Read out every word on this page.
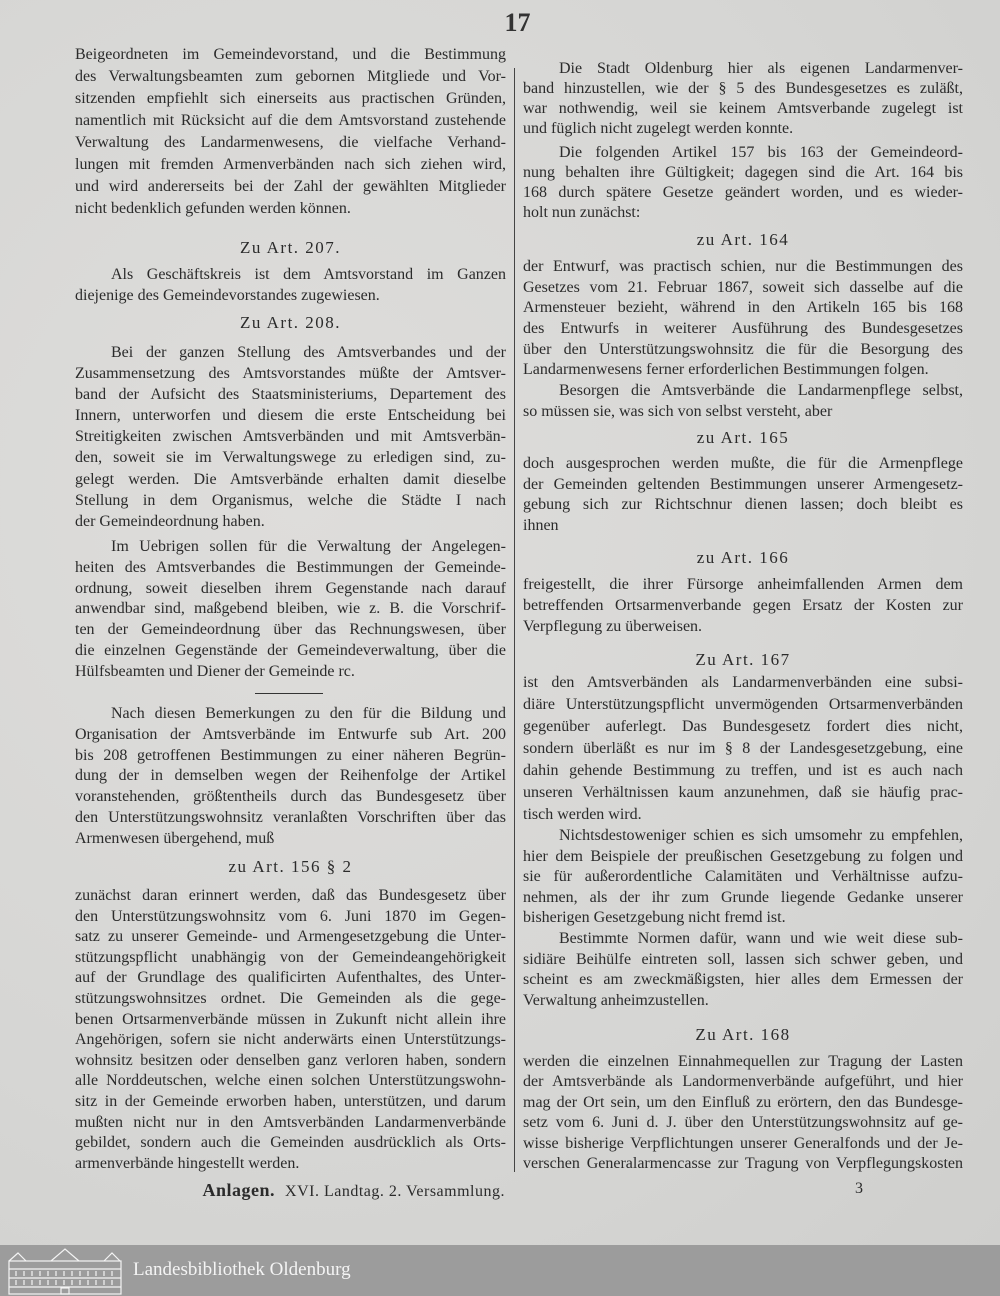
17
Beigeordneten im Gemeindevorstand, und die Bestimmung
des Verwaltungsbeamten zum gebornen Mitgliede und Vor-
sitzenden empfiehlt sich einerseits aus practischen Gründen,
namentlich mit Rücksicht auf die dem Amtsvorstand zustehende
Verwaltung des Landarmenwesens, die vielfache Verhand-
lungen mit fremden Armenverbänden nach sich ziehen wird,
und wird andererseits bei der Zahl der gewählten Mitglieder
nicht bedenklich gefunden werden können.
Zu Art. 207.
Als Geschäftskreis ist dem Amtsvorstand im Ganzen
diejenige des Gemeindevorstandes zugewiesen.
Zu Art. 208.
Bei der ganzen Stellung des Amtsverbandes und der
Zusammensetzung des Amtsvorstandes müßte der Amtsver-
band der Aufsicht des Staatsministeriums, Departement des
Innern, unterworfen und diesem die erste Entscheidung bei
Streitigkeiten zwischen Amtsverbänden und mit Amtsverbän-
den, soweit sie im Verwaltungswege zu erledigen sind, zu-
gelegt werden. Die Amtsverbände erhalten damit dieselbe
Stellung in dem Organismus, welche die Städte I nach
der Gemeindeordnung haben.
Im Uebrigen sollen für die Verwaltung der Angelegen-
heiten des Amtsverbandes die Bestimmungen der Gemeinde-
ordnung, soweit dieselben ihrem Gegenstande nach darauf
anwendbar sind, maßgebend bleiben, wie z. B. die Vorschrif-
ten der Gemeindeordnung über das Rechnungswesen, über
die einzelnen Gegenstände der Gemeindeverwaltung, über die
Hülfsbeamten und Diener der Gemeinde rc.
Nach diesen Bemerkungen zu den für die Bildung und
Organisation der Amtsverbände im Entwurfe sub Art. 200
bis 208 getroffenen Bestimmungen zu einer näheren Begrün-
dung der in demselben wegen der Reihenfolge der Artikel
voranstehenden, größtentheils durch das Bundesgesetz über
den Unterstützungswohnsitz veranlaßten Vorschriften über das
Armenwesen übergehend, muß
zu Art. 156 § 2
zunächst daran erinnert werden, daß das Bundesgesetz über
den Unterstützungswohnsitz vom 6. Juni 1870 im Gegen-
satz zu unserer Gemeinde- und Armengesetzgebung die Unter-
stützungspflicht unabhängig von der Gemeindeangehörigkeit
auf der Grundlage des qualificirten Aufenthaltes, des Unter-
stützungswohnsitzes ordnet. Die Gemeinden als die gege-
benen Ortsarmenverbände müssen in Zukunft nicht allein ihre
Angehörigen, sofern sie nicht anderwärts einen Unterstützungs-
wohnsitz besitzen oder denselben ganz verloren haben, sondern
alle Norddeutschen, welche einen solchen Unterstützungswohn-
sitz in der Gemeinde erworben haben, unterstützen, und darum
mußten nicht nur in den Amtsverbänden Landarmenverbände
gebildet, sondern auch die Gemeinden ausdrücklich als Orts-
armenverbände hingestellt werden.
Die Stadt Oldenburg hier als eigenen Landarmenver-
band hinzustellen, wie der § 5 des Bundesgesetzes es zuläßt,
war nothwendig, weil sie keinem Amtsverbande zugelegt ist
und füglich nicht zugelegt werden konnte.
Die folgenden Artikel 157 bis 163 der Gemeindeord-
nung behalten ihre Gültigkeit; dagegen sind die Art. 164 bis
168 durch spätere Gesetze geändert worden, und es wieder-
holt nun zunächst:
zu Art. 164
der Entwurf, was practisch schien, nur die Bestimmungen des
Gesetzes vom 21. Februar 1867, soweit sich dasselbe auf die
Armensteuer bezieht, während in den Artikeln 165 bis 168
des Entwurfs in weiterer Ausführung des Bundesgesetzes
über den Unterstützungswohnsitz die für die Besorgung des
Landarmenwesens ferner erforderlichen Bestimmungen folgen.
Besorgen die Amtsverbände die Landarmenpflege selbst,
so müssen sie, was sich von selbst versteht, aber
zu Art. 165
doch ausgesprochen werden mußte, die für die Armenpflege
der Gemeinden geltenden Bestimmungen unserer Armengesetz-
gebung sich zur Richtschnur dienen lassen; doch bleibt es
ihnen
zu Art. 166
freigestellt, die ihrer Fürsorge anheimfallenden Armen dem
betreffenden Ortsarmenverbande gegen Ersatz der Kosten zur
Verpflegung zu überweisen.
Zu Art. 167
ist den Amtsverbänden als Landarmenverbänden eine subsi-
diäre Unterstützungspflicht unvermögenden Ortsarmenverbänden
gegenüber auferlegt. Das Bundesgesetz fordert dies nicht,
sondern überläßt es nur im § 8 der Landesgesetzgebung, eine
dahin gehende Bestimmung zu treffen, und ist es auch nach
unseren Verhältnissen kaum anzunehmen, daß sie häufig prac-
tisch werden wird.
Nichtsdestoweniger schien es sich umsomehr zu empfehlen,
hier dem Beispiele der preußischen Gesetzgebung zu folgen und
sie für außerordentliche Calamitäten und Verhältnisse aufzu-
nehmen, als der ihr zum Grunde liegende Gedanke unserer
bisherigen Gesetzgebung nicht fremd ist.
Bestimmte Normen dafür, wann und wie weit diese sub-
sidiäre Beihülfe eintreten soll, lassen sich schwer geben, und
scheint es am zweckmäßigsten, hier alles dem Ermessen der
Verwaltung anheimzustellen.
Zu Art. 168
werden die einzelnen Einnahmequellen zur Tragung der Lasten
der Amtsverbände als Landormenverbände aufgeführt, und hier
mag der Ort sein, um den Einfluß zu erörtern, den das Bundesge-
setz vom 6. Juni d. J. über den Unterstützungswohnsitz auf ge-
wisse bisherige Verpflichtungen unserer Generalfonds und der Je-
verschen Generalarmencasse zur Tragung von Verpflegungskosten
Anlagen. XVI. Landtag. 2. Versammlung.	3
Landesbibliothek Oldenburg
